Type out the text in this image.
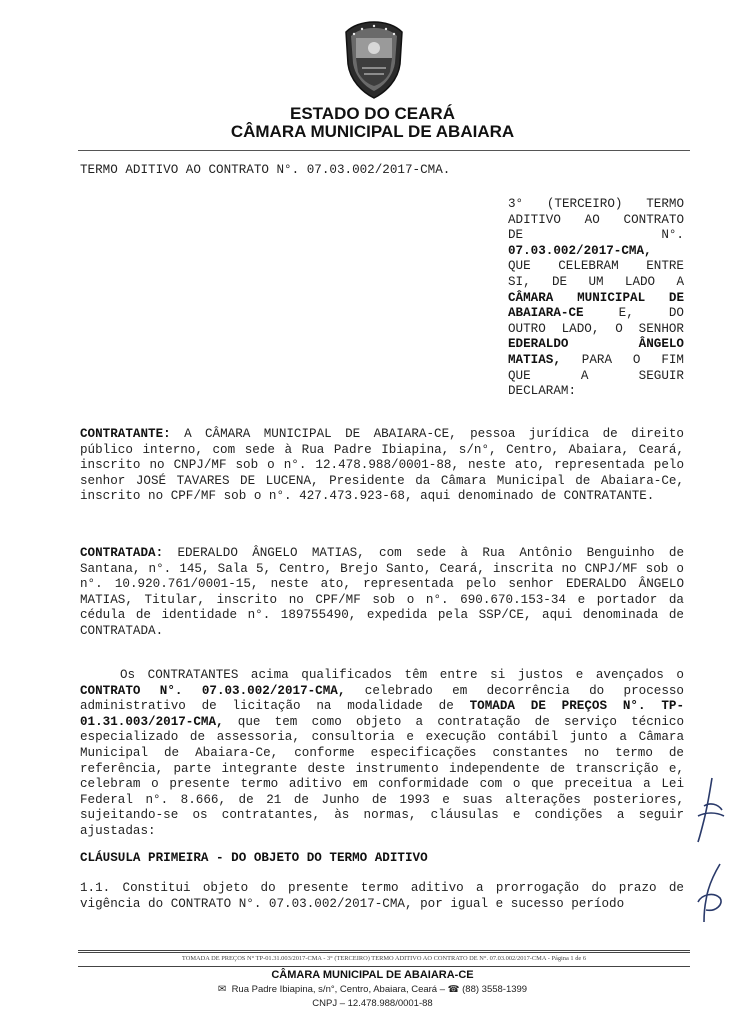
ESTADO DO CEARÁ
CÂMARA MUNICIPAL DE ABAIARA
TERMO ADITIVO AO CONTRATO N°. 07.03.002/2017-CMA.
3° (TERCEIRO) TERMO
ADITIVO AO CONTRATO
DE N°.
07.03.002/2017-CMA,
QUE CELEBRAM ENTRE
SI, DE UM LADO A
CÂMARA MUNICIPAL DE
ABAIARA-CE E, DO
OUTRO LADO, O SENHOR
EDERALDO ÂNGELO
MATIAS, PARA O FIM
QUE A SEGUIR
DECLARAM:
CONTRATANTE: A CÂMARA MUNICIPAL DE ABAIARA-CE, pessoa jurídica de direito público interno, com sede à Rua Padre Ibiapina, s/n°, Centro, Abaiara, Ceará, inscrito no CNPJ/MF sob o n°. 12.478.988/0001-88, neste ato, representada pelo senhor JOSÉ TAVARES DE LUCENA, Presidente da Câmara Municipal de Abaiara-Ce, inscrito no CPF/MF sob o n°. 427.473.923-68, aqui denominado de CONTRATANTE.
CONTRATADA: EDERALDO ÂNGELO MATIAS, com sede à Rua Antônio Benguinho de Santana, n°. 145, Sala 5, Centro, Brejo Santo, Ceará, inscrita no CNPJ/MF sob o n°. 10.920.761/0001-15, neste ato, representada pelo senhor EDERALDO ÂNGELO MATIAS, Titular, inscrito no CPF/MF sob o n°. 690.670.153-34 e portador da cédula de identidade n°. 189755490, expedida pela SSP/CE, aqui denominada de CONTRATADA.
Os CONTRATANTES acima qualificados têm entre si justos e avençados o CONTRATO N°. 07.03.002/2017-CMA, celebrado em decorrência do processo administrativo de licitação na modalidade de TOMADA DE PREÇOS N°. TP-01.31.003/2017-CMA, que tem como objeto a contratação de serviço técnico especializado de assessoria, consultoria e execução contábil junto a Câmara Municipal de Abaiara-Ce, conforme especificações constantes no termo de referência, parte integrante deste instrumento independente de transcrição e, celebram o presente termo aditivo em conformidade com o que preceitua a Lei Federal n°. 8.666, de 21 de Junho de 1993 e suas alterações posteriores, sujeitando-se os contratantes, às normas, cláusulas e condições a seguir ajustadas:
CLÁUSULA PRIMEIRA - DO OBJETO DO TERMO ADITIVO
1.1. Constitui objeto do presente termo aditivo a prorrogação do prazo de vigência do CONTRATO N°. 07.03.002/2017-CMA, por igual e sucesso período
TOMADA DE PREÇOS N° TP-01.31.003/2017-CMA - 3° (TERCEIRO) TERMO ADITIVO AO CONTRATO DE N°. 07.03.002/2017-CMA - Página 1 de 6
CÂMARA MUNICIPAL DE ABAIARA-CE
✉ Rua Padre Ibiapina, s/n°, Centro, Abaiara, Ceará – ☎ (88) 3558-1399
CNPJ – 12.478.988/0001-88
